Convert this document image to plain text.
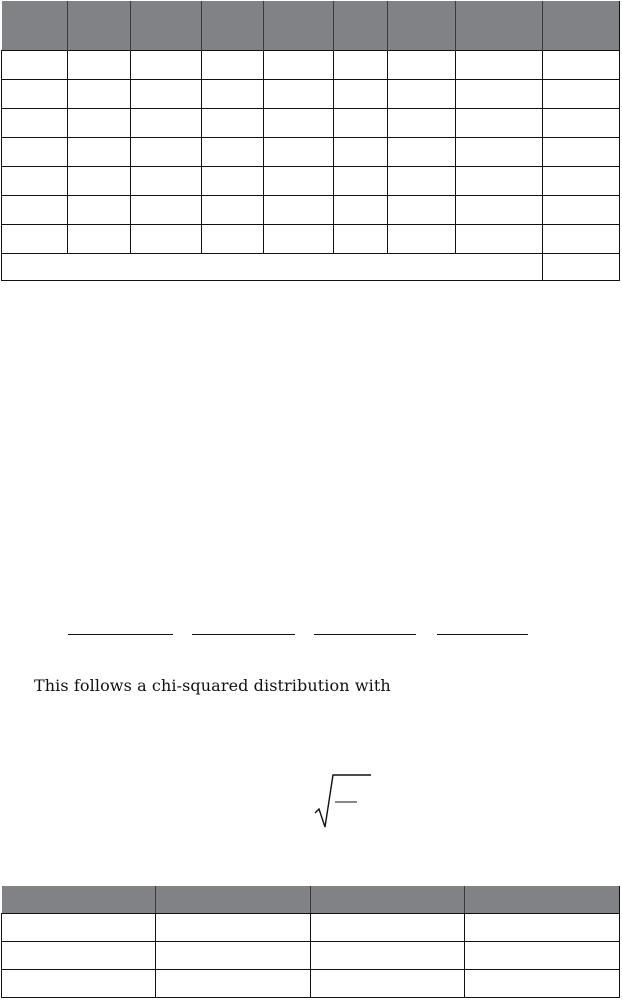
This follows a chi-squared distribution with
